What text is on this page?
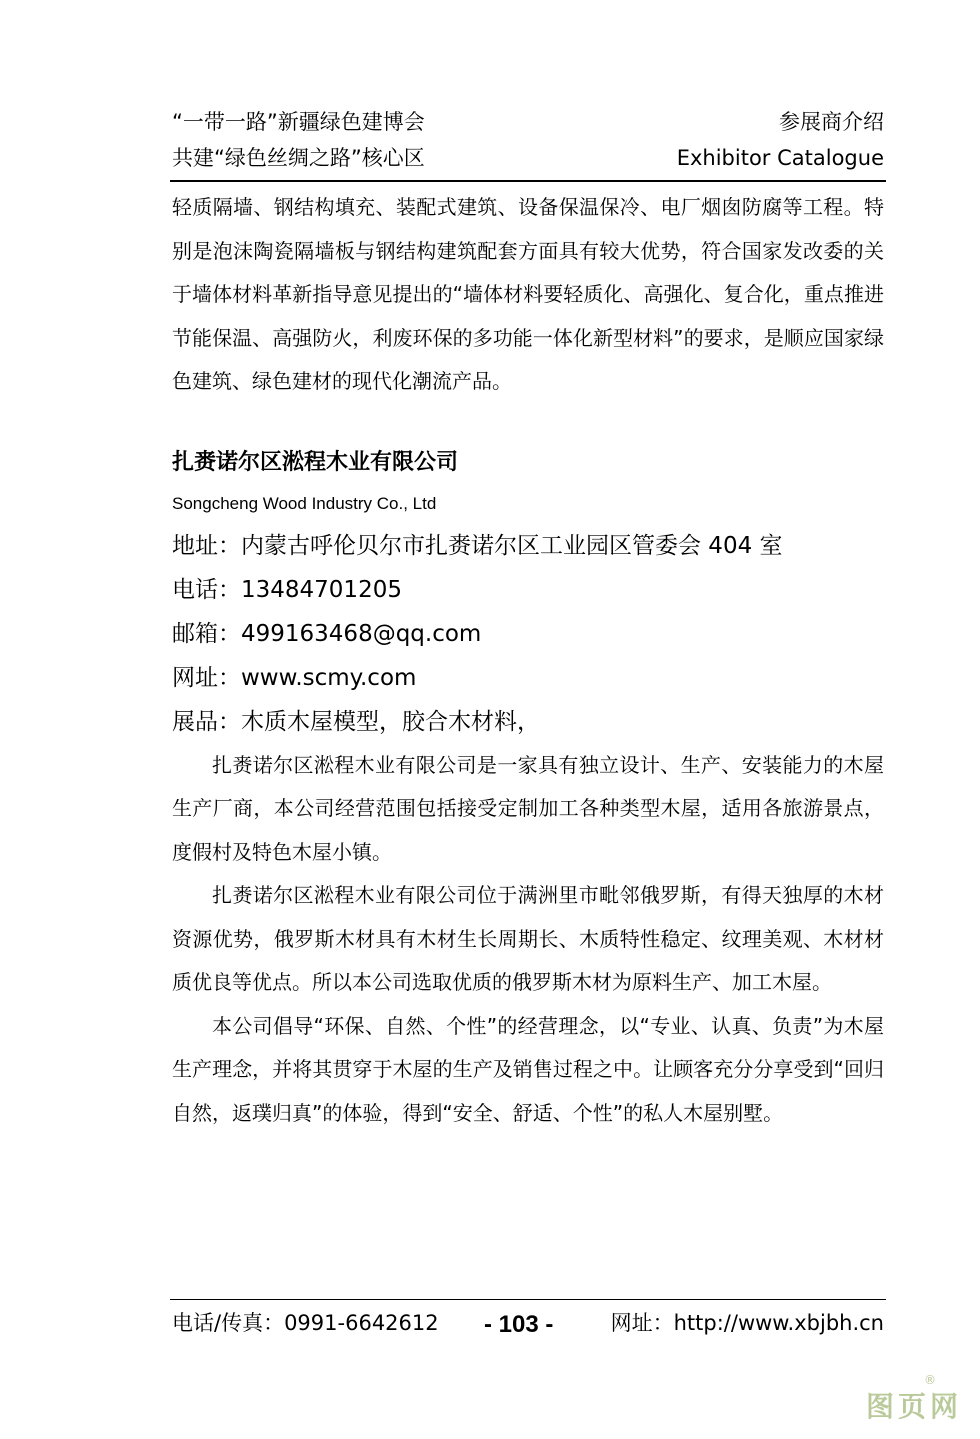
“一带一路”新疆绿色建博会	参展商介绍
共建“绿色丝绸之路”核心区	Exhibitor Catalogue

轻质隔墙、钢结构填充、装配式建筑、设备保温保冷、电厂烟囱防腐等工程。特别是泡沫陶瓷隔墙板与钢结构建筑配套方面具有较大优势，符合国家发改委的关于墙体材料革新指导意见提出的“墙体材料要轻质化、高强化、复合化，重点推进节能保温、高强防火，利废环保的多功能一体化新型材料”的要求，是顺应国家绿色建筑、绿色建材的现代化潮流产品。

扎赉诺尔区淞程木业有限公司

Songcheng Wood Industry Co., Ltd

地址：内蒙古呼伦贝尔市扎赉诺尔区工业园区管委会 404 室

电话：13484701205

邮箱：499163468@qq.com

网址：www.scmy.com

展品：木质木屋模型，胶合木材料，

扎赉诺尔区淞程木业有限公司是一家具有独立设计、生产、安装能力的木屋生产厂商，本公司经营范围包括接受定制加工各种类型木屋，适用各旅游景点，度假村及特色木屋小镇。

扎赉诺尔区淞程木业有限公司位于满洲里市毗邻俄罗斯，有得天独厚的木材资源优势，俄罗斯木材具有木材生长周期长、木质特性稳定、纹理美观、木材材质优良等优点。所以本公司选取优质的俄罗斯木材为原料生产、加工木屋。

本公司倡导“环保、自然、个性”的经营理念，以“专业、认真、负责”为木屋生产理念，并将其贯穿于木屋的生产及销售过程之中。让顾客充分分享受到“回归自然，返璞归真”的体验，得到“安全、舒适、个性”的私人木屋别墅。

电话/传真：0991-6642612 - 103 -	网址：http://www.xbjbh.cn
®
图页网
